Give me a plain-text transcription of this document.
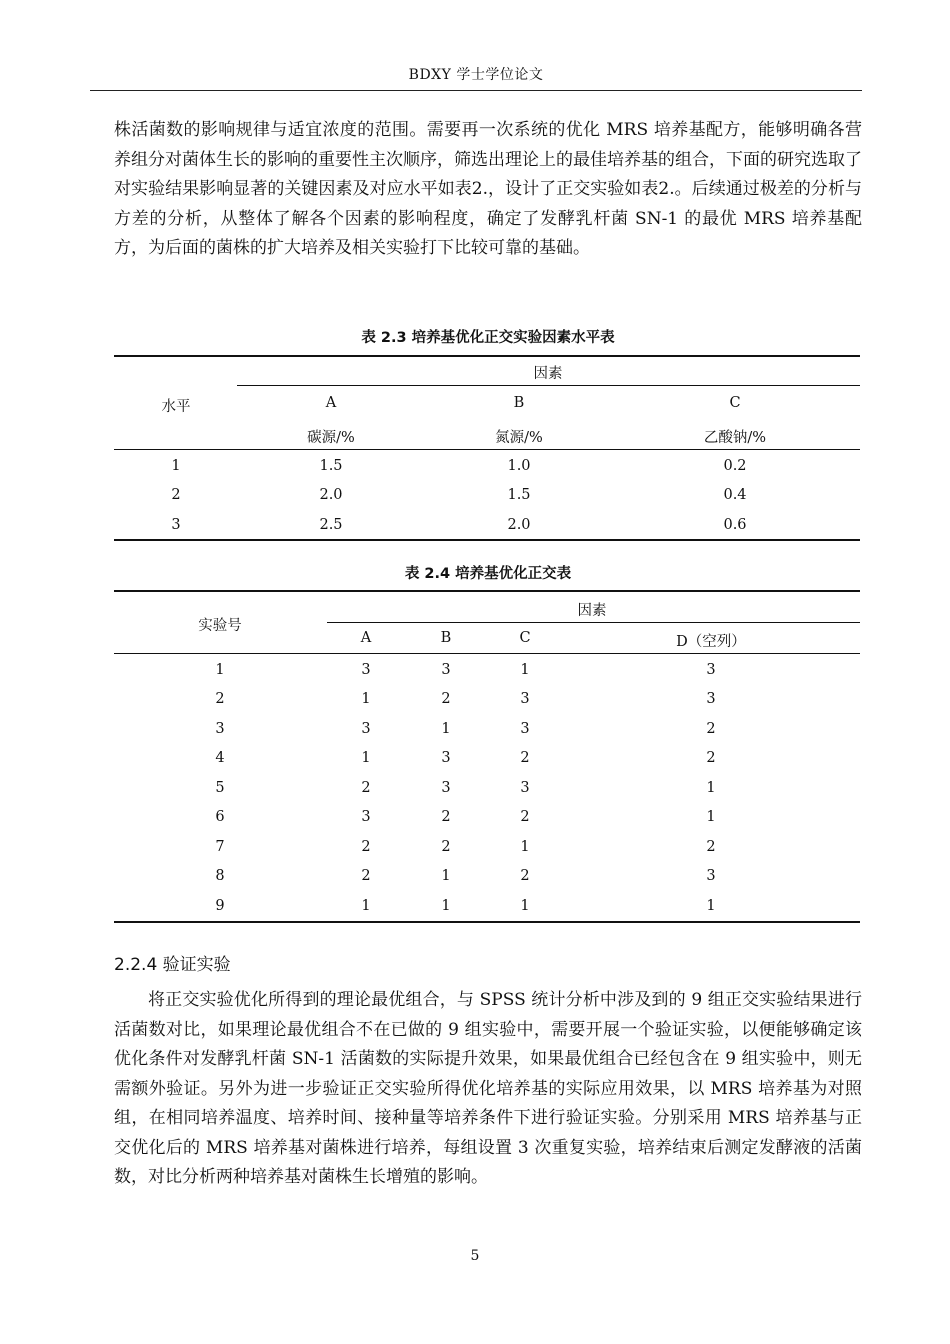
BDXY 学士学位论文
株活菌数的影响规律与适宜浓度的范围。需要再一次系统的优化 MRS 培养基配方，能够明确各营养组分对菌体生长的影响的重要性主次顺序，筛选出理论上的最佳培养基的组合，下面的研究选取了对实验结果影响显著的关键因素及对应水平如表2.，设计了正交实验如表2.。后续通过极差的分析与方差的分析，从整体了解各个因素的影响程度，确定了发酵乳杆菌 SN-1 的最优 MRS 培养基配方，为后面的菌株的扩大培养及相关实验打下比较可靠的基础。
表 2.3 培养基优化正交实验因素水平表
水平
因素
A	B	C
碳源/%	氮源/%	乙酸钠/%
1	1.5	1.0	0.2
2	2.0	1.5	0.4
3	2.5	2.0	0.6
表 2.4 培养基优化正交表
实验号
因素
A	B	C	D（空列）
1	3	3	1	3
2	1	2	3	3
3	3	1	3	2
4	1	3	2	2
5	2	3	3	1
6	3	2	2	1
7	2	2	1	2
8	2	1	2	3
9	1	1	1	1
2.2.4 验证实验
将正交实验优化所得到的理论最优组合，与 SPSS 统计分析中涉及到的 9 组正交实验结果进行活菌数对比，如果理论最优组合不在已做的 9 组实验中，需要开展一个验证实验，以便能够确定该优化条件对发酵乳杆菌 SN-1 活菌数的实际提升效果，如果最优组合已经包含在 9 组实验中，则无需额外验证。另外为进一步验证正交实验所得优化培养基的实际应用效果，以 MRS 培养基为对照组，在相同培养温度、培养时间、接种量等培养条件下进行验证实验。分别采用 MRS 培养基与正交优化后的 MRS 培养基对菌株进行培养，每组设置 3 次重复实验，培养结束后测定发酵液的活菌数，对比分析两种培养基对菌株生长增殖的影响。
5
